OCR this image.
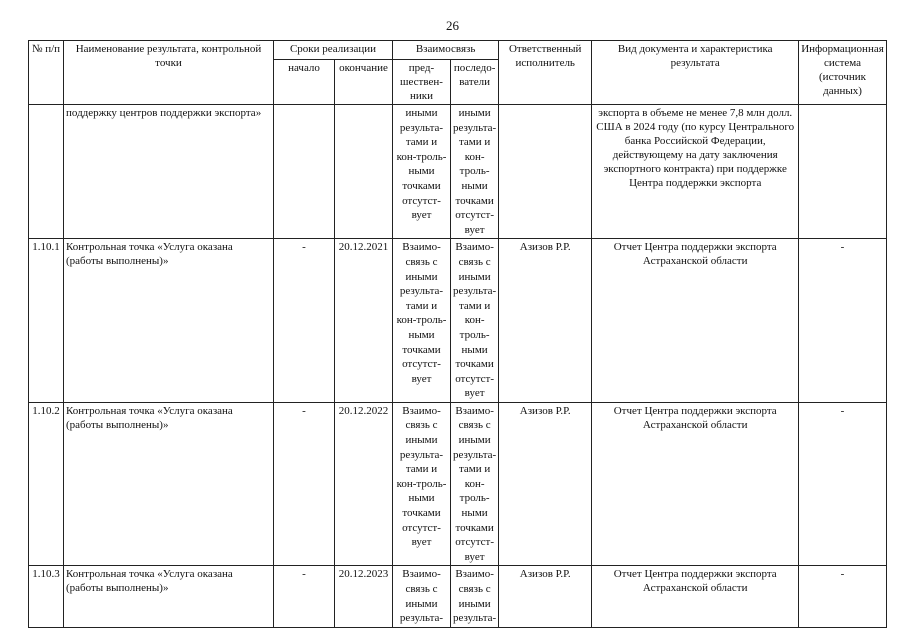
26
№ п/п	Наименование результата, контрольной точки	Сроки реализации		Взаимосвязь		Ответственный исполнитель	Вид документа и характеристика результата	Информационная система (источник данных)
		начало	окончание	пред-шествен-ники	последо-ватели			
	поддержку центров поддержки экспорта»			иными результа-тами и кон-троль-ными точками отсутст-вует	иными результа-тами и кон-троль-ными точками отсутст-вует		экспорта в объеме не менее 7,8 млн долл. США в 2024 году (по курсу Центрального банка Российской Федерации, действующему на дату заключения экспортного контракта) при поддержке Центра поддержки экспорта	
1.10.1	Контрольная точка «Услуга оказана (работы выполнены)»	-	20.12.2021	Взаимо-связь с иными результа-тами и кон-троль-ными точками отсутст-вует	Взаимо-связь с иными результа-тами и кон-троль-ными точками отсутст-вует	Азизов Р.Р.	Отчет Центра поддержки экспорта Астраханской области	-
1.10.2	Контрольная точка «Услуга оказана (работы выполнены)»	-	20.12.2022	Взаимо-связь с иными результа-тами и кон-троль-ными точками отсутст-вует	Взаимо-связь с иными результа-тами и кон-троль-ными точками отсутст-вует	Азизов Р.Р.	Отчет Центра поддержки экспорта Астраханской области	-
1.10.3	Контрольная точка «Услуга оказана (работы выполнены)»	-	20.12.2023	Взаимо-связь с иными результа-	Взаимо-связь с иными результа-	Азизов Р.Р.	Отчет Центра поддержки экспорта Астраханской области	-
